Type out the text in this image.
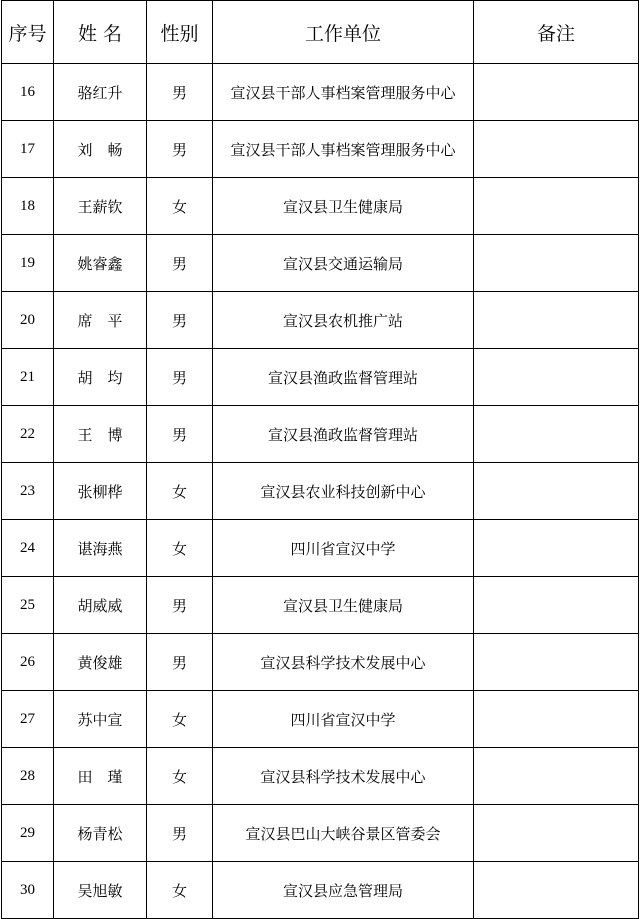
序号	姓 名	性别	工作单位	备注
16	骆红升	男	宣汉县干部人事档案管理服务中心	
17	刘　畅	男	宣汉县干部人事档案管理服务中心	
18	王薪钦	女	宣汉县卫生健康局	
19	姚睿鑫	男	宣汉县交通运输局	
20	席　平	男	宣汉县农机推广站	
21	胡　均	男	宣汉县渔政监督管理站	
22	王　博	男	宣汉县渔政监督管理站	
23	张柳桦	女	宣汉县农业科技创新中心	
24	谌海燕	女	四川省宣汉中学	
25	胡威威	男	宣汉县卫生健康局	
26	黄俊雄	男	宣汉县科学技术发展中心	
27	苏中宣	女	四川省宣汉中学	
28	田　瑾	女	宣汉县科学技术发展中心	
29	杨青松	男	宣汉县巴山大峡谷景区管委会	
30	吴旭敏	女	宣汉县应急管理局	
